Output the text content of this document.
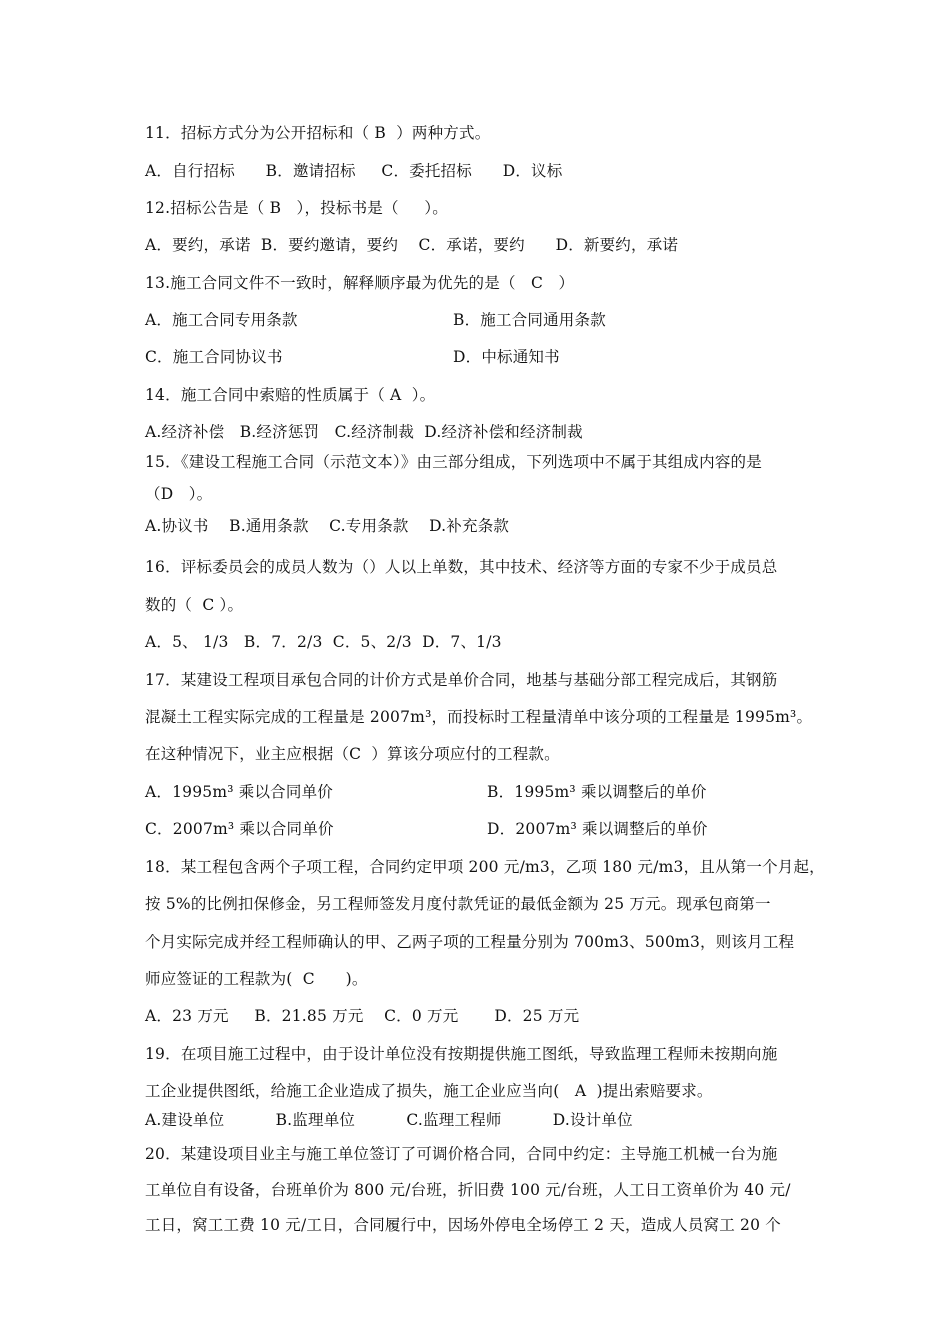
11．招标方式分为公开招标和（ B  ）两种方式。
A．自行招标      B．邀请招标     C．委托招标      D．议标
12.招标公告是（ B   ），投标书是（     ）。
A．要约，承诺  B．要约邀请，要约    C．承诺，要约      D．新要约，承诺
13.施工合同文件不一致时，解释顺序最为优先的是（   C   ）
A．施工合同专用条款	B．施工合同通用条款
C．施工合同协议书	D．中标通知书
14．施工合同中索赔的性质属于（ A  ）。
A.经济补偿   B.经济惩罚   C.经济制裁  D.经济补偿和经济制裁
15．《建设工程施工合同（示范文本）》由三部分组成，下列选项中不属于其组成内容的是
（D   ）。
A.协议书    B.通用条款    C.专用条款    D.补充条款
16．评标委员会的成员人数为（）人以上单数，其中技术、经济等方面的专家不少于成员总
数的（  C ）。
A．5、 1/3   B．7．2/3  C．5、2/3  D．7、1/3
17．某建设工程项目承包合同的计价方式是单价合同，地基与基础分部工程完成后，其钢筋
混凝土工程实际完成的工程量是 2007m³，而投标时工程量清单中该分项的工程量是 1995m³。
在这种情况下，业主应根据（C  ）算该分项应付的工程款。
A．1995m³ 乘以合同单价	B．1995m³ 乘以调整后的单价
C．2007m³ 乘以合同单价	D．2007m³ 乘以调整后的单价
18．某工程包含两个子项工程，合同约定甲项 200 元/m3，乙项 180 元/m3，且从第一个月起，
按 5%的比例扣保修金，另工程师签发月度付款凭证的最低金额为 25 万元。现承包商第一
个月实际完成并经工程师确认的甲、乙两子项的工程量分别为 700m3、500m3，则该月工程
师应签证的工程款为(  C      )。
A．23 万元     B．21.85 万元    C．0 万元       D．25 万元
19．在项目施工过程中，由于设计单位没有按期提供施工图纸，导致监理工程师未按期向施
工企业提供图纸，给施工企业造成了损失，施工企业应当向(   A  )提出索赔要求。
A.建设单位          B.监理单位          C.监理工程师          D.设计单位
20．某建设项目业主与施工单位签订了可调价格合同，合同中约定：主导施工机械一台为施
工单位自有设备，台班单价为 800 元/台班，折旧费 100 元/台班，人工日工资单价为 40 元/
工日，窝工工费 10 元/工日，合同履行中，因场外停电全场停工 2 天，造成人员窝工 20 个
